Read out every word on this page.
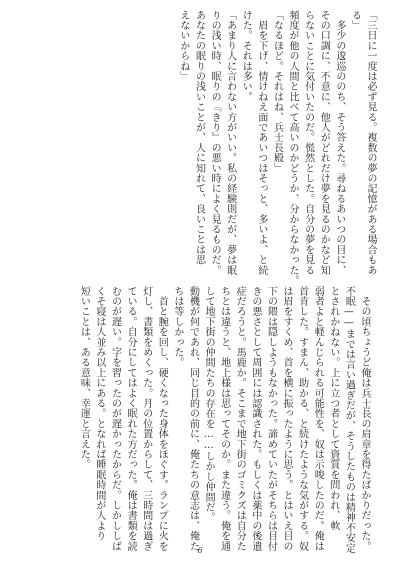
「三日に一度は必ず見る。複数の夢の記憶がある場合もあ
る」
　多少の逡巡ののち、そう答えた。尋ねるあいつの目に、
その口調に、不意に、他人がどれだけ夢を見るのかなど知
らないことに気付いたのだ。慌然とした。自分の夢を見る
頻度が他の人間と比べて高いのかどうか、分からなかった。
「なるほど。それはね、兵士長殿」
　眉を下げ、情けねえ面であいつはそっと、多いよ、と続
けた。それは多い。
「あまり人に言わない方がいい。私の経験則だが、夢は眠
りの浅い時、眠りの『きり』の悪い時によく見るものだ。
あなたの眠りの浅いことが、人に知れて、良いことは思
えないからね」
　その頃ちょうど俺は兵士長の肩章を得たばかりだった。
不眠——までは言い過ぎだが、そうしたものは精神不安定
とされかねない。上に立つ者として資質を問われ、軟
弱者よと軽んじられる可能性を、奴は示唆したのだ。俺は
首肯した。すまん、助かる、と続けたような気がする。奴
は眉をすくめ、首を横に振ったように思う。とはいえ目の
下の隈は隠しようもなかった。諦めていたがそちらは目付
きの悪さとして周囲には認識された。もしくは薬中の後遺
症だろうと。馬鹿か。そこまで地下街のゴミクズは自分た
ちとは違うと、地上様は思ってそのか。また違う。俺を通
して地下街の仲間たちの存在を……しかし仲間だ。
動機が何であれ、同じ目的の前に、俺たちの意志は、俺た
ちは等しかった。
　首と腕を回し、硬くなった身体をほぐす。ランプに火を
灯し、書類をめくった。月の位置からして、三時間は過ぎ
ている。自分にしてはよく眠れた方だった。俺は書類を読
むのが遅い。字を習ったのが遅かったからだ。しかししば
くそ寝は人並み以上にある。となれば睡眠時間が人より
短いことは、ある意味、幸運と言えた。
6
